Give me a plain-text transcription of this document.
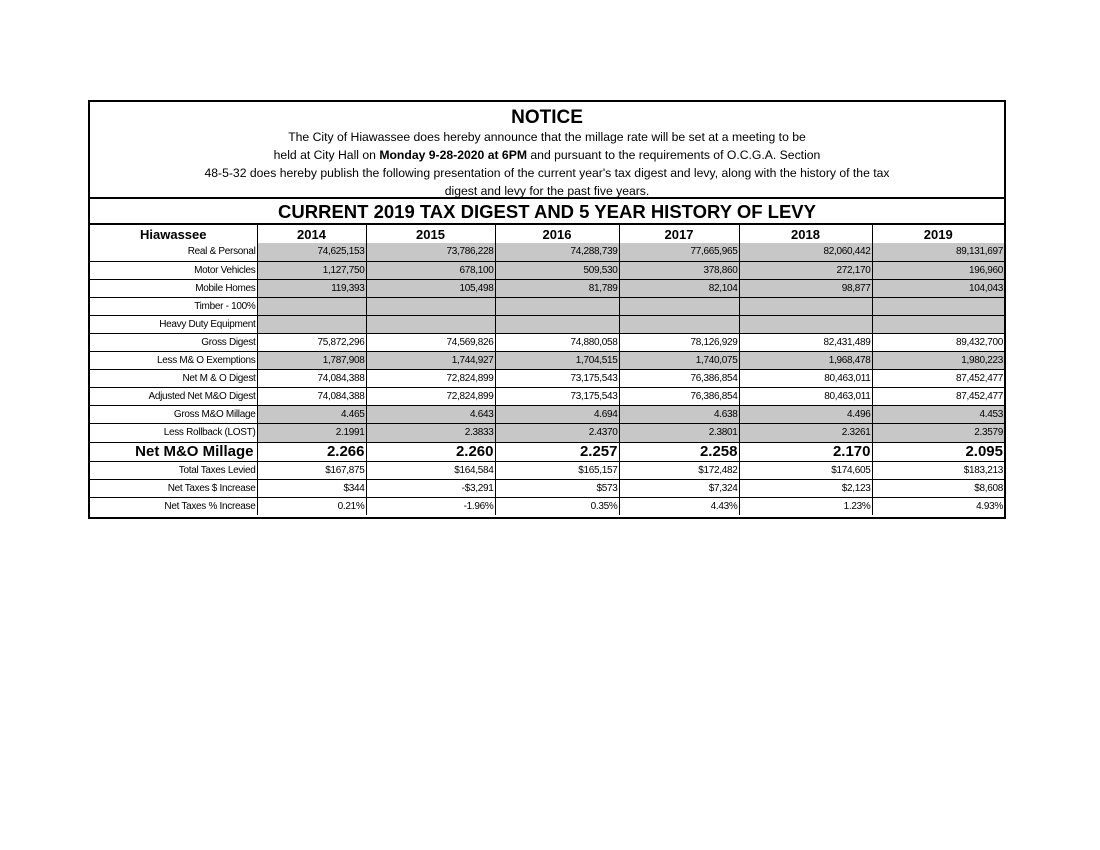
NOTICE
The City of Hiawassee does hereby announce that the millage rate will be set at a meeting to be
held at City Hall on Monday 9-28-2020 at 6PM and pursuant to the requirements of O.C.G.A. Section
48-5-32 does hereby publish the following presentation of the current year's tax digest and levy, along with the history of the tax
digest and levy for the past five years.
CURRENT 2019 TAX DIGEST AND 5 YEAR HISTORY OF LEVY
Hiawassee	2014	2015	2016	2017	2018	2019
Real & Personal	74,625,153	73,786,228	74,288,739	77,665,965	82,060,442	89,131,697
Motor Vehicles	1,127,750	678,100	509,530	378,860	272,170	196,960
Mobile Homes	119,393	105,498	81,789	82,104	98,877	104,043
Timber - 100%						
Heavy Duty Equipment						
Gross Digest	75,872,296	74,569,826	74,880,058	78,126,929	82,431,489	89,432,700
Less M& O Exemptions	1,787,908	1,744,927	1,704,515	1,740,075	1,968,478	1,980,223
Net M & O Digest	74,084,388	72,824,899	73,175,543	76,386,854	80,463,011	87,452,477
Adjusted Net M&O Digest	74,084,388	72,824,899	73,175,543	76,386,854	80,463,011	87,452,477
Gross M&O Millage	4.465	4.643	4.694	4.638	4.496	4.453
Less Rollback (LOST)	2.1991	2.3833	2.4370	2.3801	2.3261	2.3579
Net M&O Millage	2.266	2.260	2.257	2.258	2.170	2.095
Total Taxes Levied	$167,875	$164,584	$165,157	$172,482	$174,605	$183,213
Net Taxes $ Increase	$344	-$3,291	$573	$7,324	$2,123	$8,608
Net Taxes % Increase	0.21%	-1.96%	0.35%	4.43%	1.23%	4.93%
